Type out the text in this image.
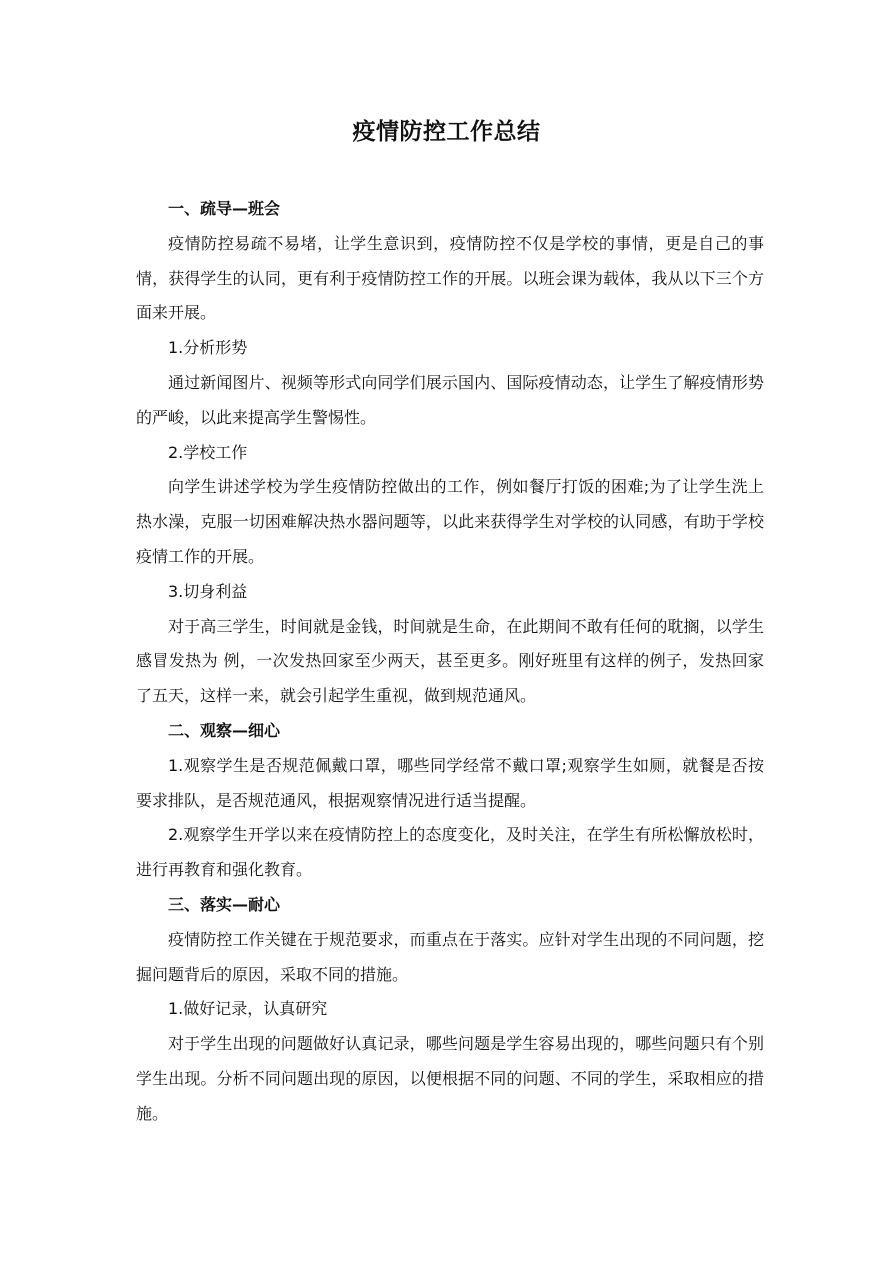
疫情防控工作总结

一、疏导—班会

疫情防控易疏不易堵，让学生意识到，疫情防控不仅是学校的事情，更是自己的事情，获得学生的认同，更有利于疫情防控工作的开展。以班会课为载体，我从以下三个方面来开展。

1.分析形势

通过新闻图片、视频等形式向同学们展示国内、国际疫情动态，让学生了解疫情形势的严峻，以此来提高学生警惕性。

2.学校工作

向学生讲述学校为学生疫情防控做出的工作，例如餐厅打饭的困难;为了让学生洗上热水澡，克服一切困难解决热水器问题等，以此来获得学生对学校的认同感，有助于学校疫情工作的开展。

3.切身利益

对于高三学生，时间就是金钱，时间就是生命，在此期间不敢有任何的耽搁，以学生感冒发热为 例，一次发热回家至少两天，甚至更多。刚好班里有这样的例子，发热回家了五天，这样一来，就会引起学生重视，做到规范通风。

二、观察—细心

1.观察学生是否规范佩戴口罩，哪些同学经常不戴口罩;观察学生如厕，就餐是否按要求排队，是否规范通风，根据观察情况进行适当提醒。

2.观察学生开学以来在疫情防控上的态度变化，及时关注，在学生有所松懈放松时，进行再教育和强化教育。

三、落实—耐心

疫情防控工作关键在于规范要求，而重点在于落实。应针对学生出现的不同问题，挖掘问题背后的原因，采取不同的措施。

1.做好记录，认真研究

对于学生出现的问题做好认真记录，哪些问题是学生容易出现的，哪些问题只有个别学生出现。分析不同问题出现的原因，以便根据不同的问题、不同的学生，采取相应的措施。
